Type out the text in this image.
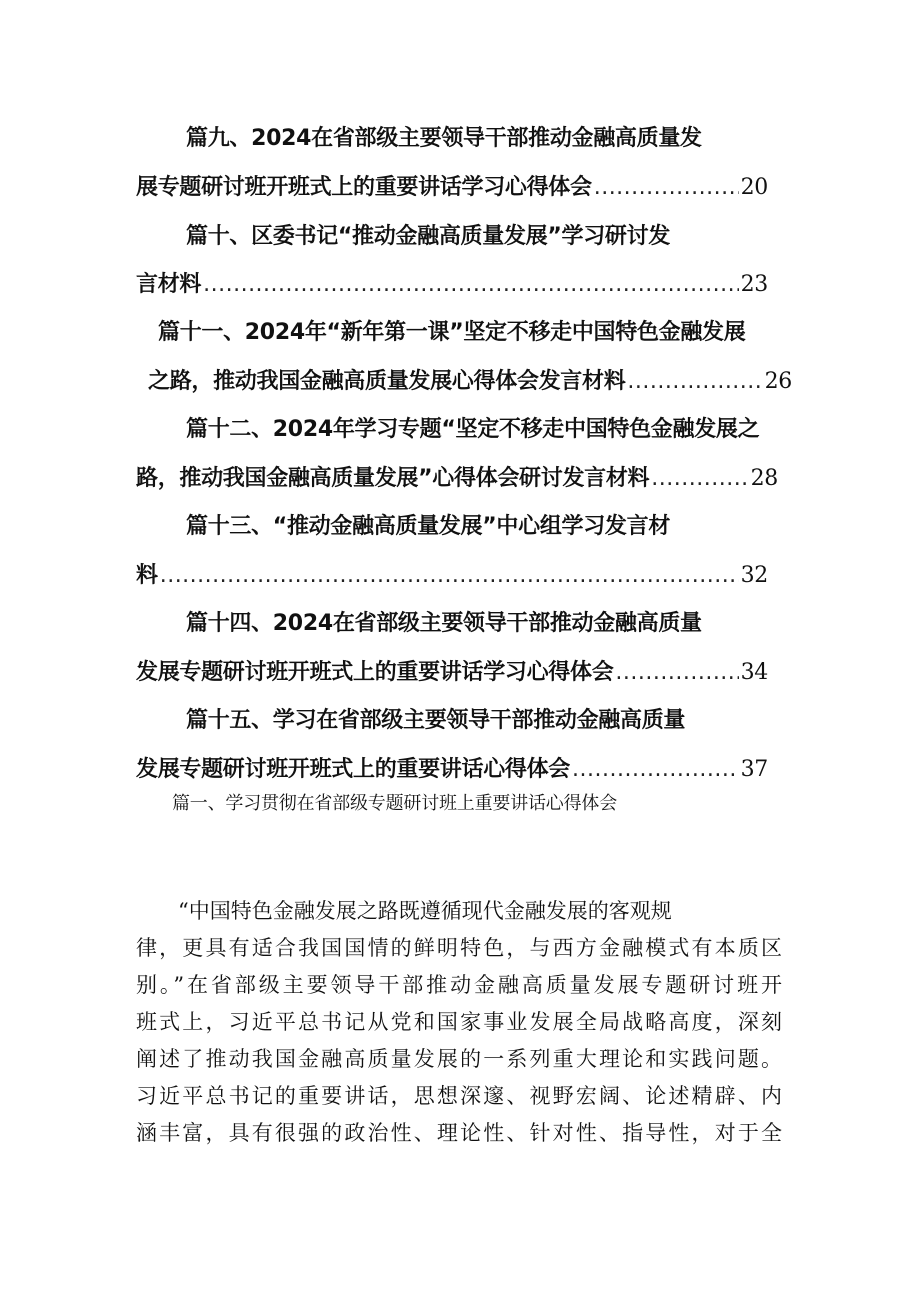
篇九、2024在省部级主要领导干部推动金融高质量发
展专题研讨班开班式上的重要讲话学习心得体会 .....	20
篇十、区委书记“推动金融高质量发展”学习研讨发
言材料 .....	23
篇十一、2024年“新年第一课”坚定不移走中国特色金融发展
之路，推动我国金融高质量发展心得体会发言材料 .....	26
篇十二、2024年学习专题“坚定不移走中国特色金融发展之
路，推动我国金融高质量发展”心得体会研讨发言材料 .....	28
篇十三、“推动金融高质量发展”中心组学习发言材
料 .....	32
篇十四、2024在省部级主要领导干部推动金融高质量
发展专题研讨班开班式上的重要讲话学习心得体会 .....	34
篇十五、学习在省部级主要领导干部推动金融高质量
发展专题研讨班开班式上的重要讲话心得体会 .....	37
篇一、学习贯彻在省部级专题研讨班上重要讲话心得体会
“中国特色金融发展之路既遵循现代金融发展的客观规
律，更具有适合我国国情的鲜明特色，与西方金融模式有本质区
别。”在省部级主要领导干部推动金融高质量发展专题研讨班开
班式上，习近平总书记从党和国家事业发展全局战略高度，深刻
阐述了推动我国金融高质量发展的一系列重大理论和实践问题。
习近平总书记的重要讲话，思想深邃、视野宏阔、论述精辟、内
涵丰富，具有很强的政治性、理论性、针对性、指导性，对于全
